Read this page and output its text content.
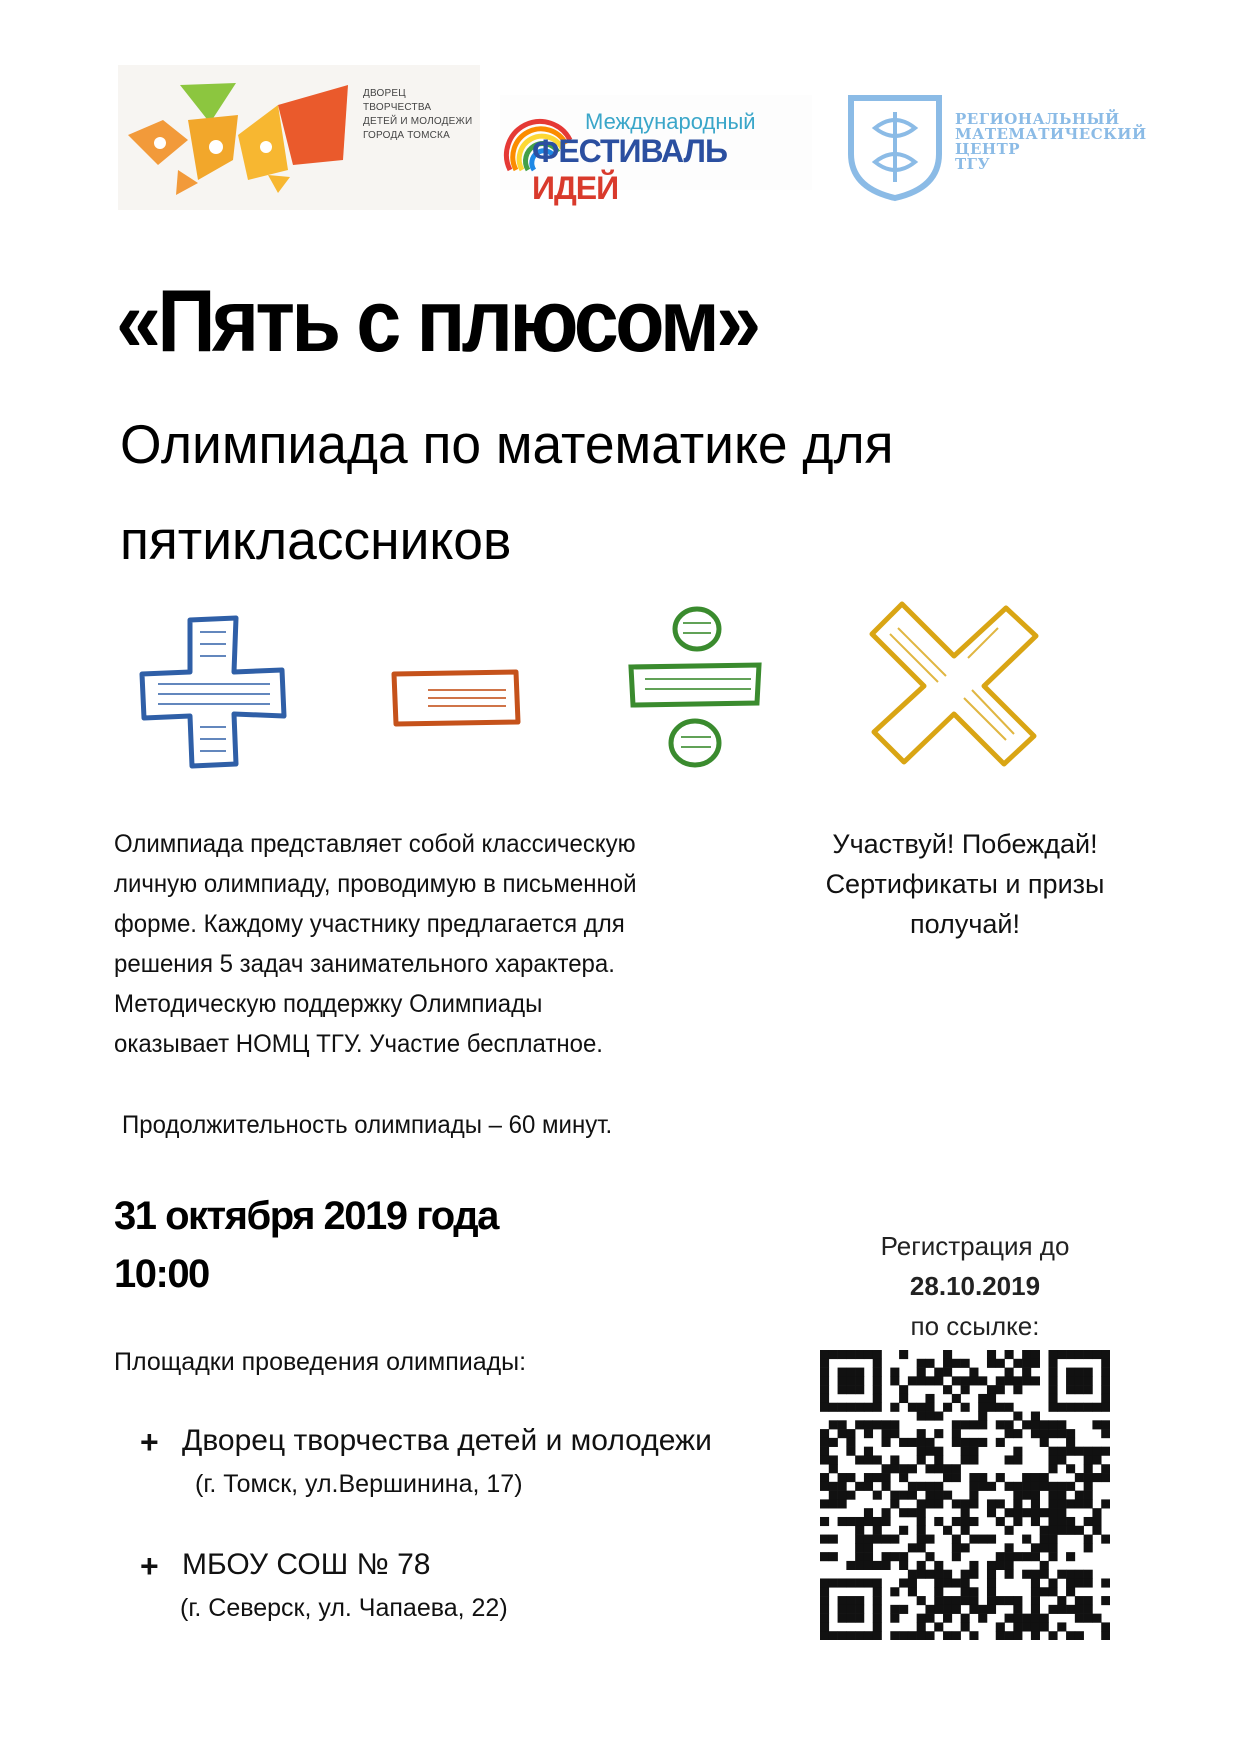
ДВОРЕЦ
ТВОРЧЕСТВА
ДЕТЕЙ И МОЛОДЕЖИ
ГОРОДА ТОМСКА
Международный
ФЕСТИВАЛЬ ИДЕЙ
РЕГИОНАЛЬНЫЙ
МАТЕМАТИЧЕСКИЙ
ЦЕНТР
ТГУ
«Пять с плюсом»
Олимпиада по математике для
пятиклассников
Олимпиада представляет собой классическую
личную олимпиаду, проводимую в письменной
форме. Каждому участнику предлагается для
решения 5 задач занимательного характера.
Методическую поддержку Олимпиады
оказывает НОМЦ ТГУ. Участие бесплатное.
Продолжительность олимпиады – 60 минут.
Участвуй! Побеждай!
Сертификаты и призы
получай!
31 октября 2019 года
10:00
Площадки проведения олимпиады:
+ Дворец творчества детей и молодежи
(г. Томск, ул.Вершинина, 17)
+ МБОУ СОШ № 78
(г. Северск, ул. Чапаева, 22)
Регистрация до
28.10.2019
по ссылке:
